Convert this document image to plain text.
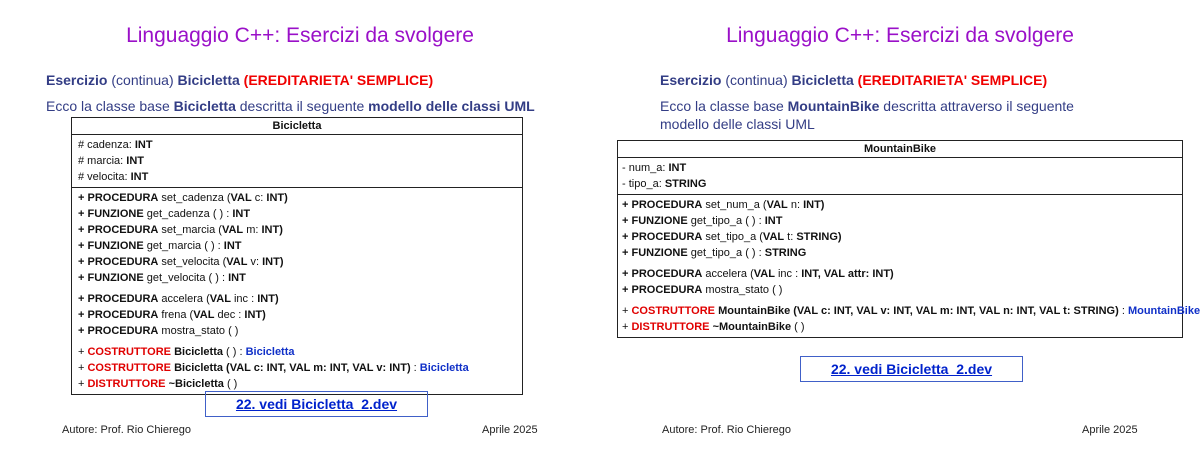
Linguaggio C++: Esercizi da svolgere
Esercizio (continua) Bicicletta (EREDITARIETA' SEMPLICE)
Ecco la classe base Bicicletta descritta il seguente modello delle classi UML
Bicicletta
# cadenza: INT
# marcia: INT
# velocita: INT
+ PROCEDURA set_cadenza (VAL c: INT)
+ FUNZIONE get_cadenza ( ) : INT
+ PROCEDURA set_marcia (VAL m: INT)
+ FUNZIONE get_marcia ( ) : INT
+ PROCEDURA set_velocita (VAL v: INT)
+ FUNZIONE get_velocita ( ) : INT
+ PROCEDURA accelera (VAL inc : INT)
+ PROCEDURA frena (VAL dec : INT)
+ PROCEDURA mostra_stato ( )
+ COSTRUTTORE Bicicletta ( ) : Bicicletta
+ COSTRUTTORE Bicicletta (VAL c: INT, VAL m: INT, VAL v: INT) : Bicicletta
+ DISTRUTTORE ~Bicicletta ( )
22. vedi Bicicletta_2.dev
Autore: Prof. Rio Chierego	Aprile 2025
Linguaggio C++: Esercizi da svolgere
Esercizio (continua) Bicicletta (EREDITARIETA' SEMPLICE)
Ecco la classe base MountainBike descritta attraverso il seguente
modello delle classi UML
MountainBike
- num_a: INT
- tipo_a: STRING
+ PROCEDURA set_num_a (VAL n: INT)
+ FUNZIONE get_tipo_a ( ) : INT
+ PROCEDURA set_tipo_a (VAL t: STRING)
+ FUNZIONE get_tipo_a ( ) : STRING
+ PROCEDURA accelera (VAL inc : INT, VAL attr: INT)
+ PROCEDURA mostra_stato ( )
+ COSTRUTTORE MountainBike (VAL c: INT, VAL v: INT, VAL m: INT, VAL n: INT, VAL t: STRING) : MountainBike
+ DISTRUTTORE ~MountainBike ( )
22. vedi Bicicletta_2.dev
Autore: Prof. Rio Chierego	Aprile 2025
